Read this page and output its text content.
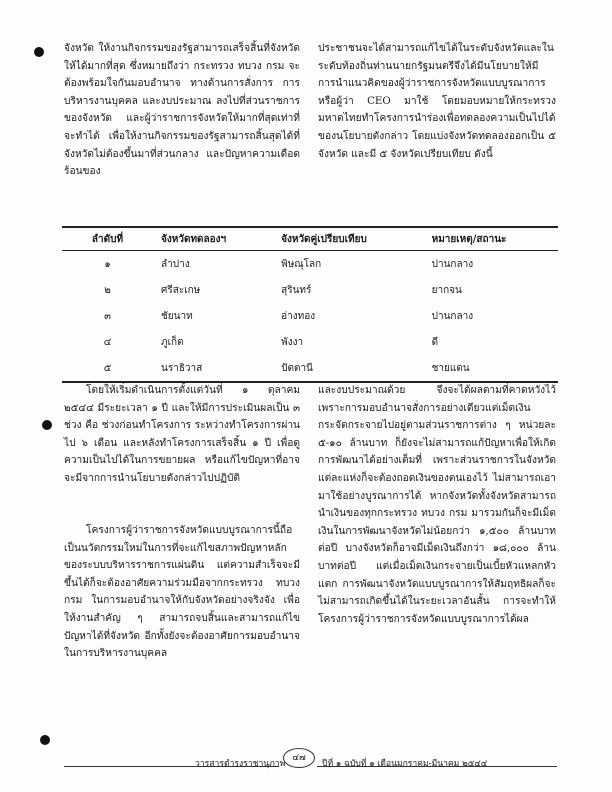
จังหวัด ให้งานกิจกรรมของรัฐสามารถเสร็จสิ้นที่จังหวัดให้ได้มากที่สุด ซึ่งหมายถึงว่า กระทรวง ทบวง กรม จะต้องพร้อมใจกันมอบอำนาจ ทางด้านการสั่งการ การบริหารงานบุคคล และงบประมาณ ลงไปที่ส่วนราชการของจังหวัด และผู้ว่าราชการจังหวัดให้มากที่สุดเท่าที่จะทำได้ เพื่อให้งานกิจกรรมของรัฐสามารถสิ้นสุดได้ที่จังหวัดไม่ต้องขึ้นมาที่ส่วนกลาง และปัญหาความเดือดร้อนของ

ประชาชนจะได้สามารถแก้ไขได้ในระดับจังหวัดและในระดับท้องถิ่นท่านนายกรัฐมนตรีจึงได้มีนโยบายให้มีการนำแนวคิดของผู้ว่าราชการจังหวัดแบบบูรณาการ หรือผู้ว่า CEO มาใช้ โดยมอบหมายให้กระทรวงมหาดไทยทำโครงการนำร่องเพื่อทดลองความเป็นไปได้ของนโยบายดังกล่าว โดยแบ่งจังหวัดทดลองออกเป็น ๕ จังหวัด และมี ๕ จังหวัดเปรียบเทียบ ดังนี้

ลำดับที่	จังหวัดทดลองฯ	จังหวัดคู่เปรียบเทียบ	หมายเหตุ/สถานะ
๑	ลำปาง	พิษณุโลก	ปานกลาง
๒	ศรีสะเกษ	สุรินทร์	ยากจน
๓	ชัยนาท	อ่างทอง	ปานกลาง
๔	ภูเก็ต	พังงา	ดี
๕	นราธิวาส	ปัตตานี	ชายแดน

โดยให้เริ่มดำเนินการตั้งแต่วันที่ ๑ ตุลาคม ๒๕๔๔ มีระยะเวลา ๑ ปี และให้มีการประเมินผลเป็น ๓ ช่วง คือ ช่วงก่อนทำโครงการ ระหว่างทำโครงการผ่านไป ๖ เดือน และหลังทำโครงการเสร็จสิ้น ๑ ปี เพื่อดูความเป็นไปได้ในการขยายผล หรือแก้ไขปัญหาที่อาจจะมีจากการนำนโยบายดังกล่าวไปปฏิบัติ

โครงการผู้ว่าราชการจังหวัดแบบบูรณาการนี้ถือเป็นนวัตกรรมใหม่ในการที่จะแก้ไขสภาพปัญหาหลักของระบบบริหารราชการแผ่นดิน แต่ความสำเร็จจะมีขึ้นได้ก็จะต้องอาศัยความร่วมมือจากกระทรวง ทบวง กรม ในการมอบอำนาจให้กับจังหวัดอย่างจริงจัง เพื่อให้งานสำคัญ ๆ สามารถจบสิ้นและสามารถแก้ไขปัญหาได้ที่จังหวัด อีกทั้งยังจะต้องอาศัยการมอบอำนาจในการบริหารงานบุคคล

และงบประมาณด้วย จึงจะได้ผลตามที่คาดหวังไว้ เพราะการมอบอำนาจสั่งการอย่างเดียวแต่เม็ดเงินกระจัดกระจายไปอยู่ตามส่วนราชการต่าง ๆ หน่วยละ ๕-๑๐ ล้านบาท ก็ยังจะไม่สามารถแก้ปัญหาเพื่อให้เกิดการพัฒนาได้อย่างเต็มที่ เพราะส่วนราชการในจังหวัดแต่ละแห่งก็จะต้องถอดเงินของตนเองไว้ ไม่สามารถเอามาใช้อย่างบูรณาการได้ หากจังหวัดทั้งจังหวัดสามารถนำเงินของทุกกระทรวง ทบวง กรม มารวมกันก็จะมีเม็ดเงินในการพัฒนาจังหวัดไม่น้อยกว่า ๑,๕๐๐ ล้านบาทต่อปี บางจังหวัดก็อาจมีเม็ดเงินถึงกว่า ๑๘,๐๐๐ ล้านบาทต่อปี แต่เมื่อเม็ดเงินกระจายเป็นเบี้ยหัวแหลกหัวแตก การพัฒนาจังหวัดแบบบูรณาการให้สัมฤทธิผลก็จะไม่สามารถเกิดขึ้นได้ในระยะเวลาอันสั้น การจะทำให้โครงการผู้ว่าราชการจังหวัดแบบบูรณาการได้ผล

วารสารดำรงราชานุภาพ
๔๗
ปีที่ ๑ ฉบับที่ ๑ เดือนมกราคม-มีนาคม ๒๕๔๔
